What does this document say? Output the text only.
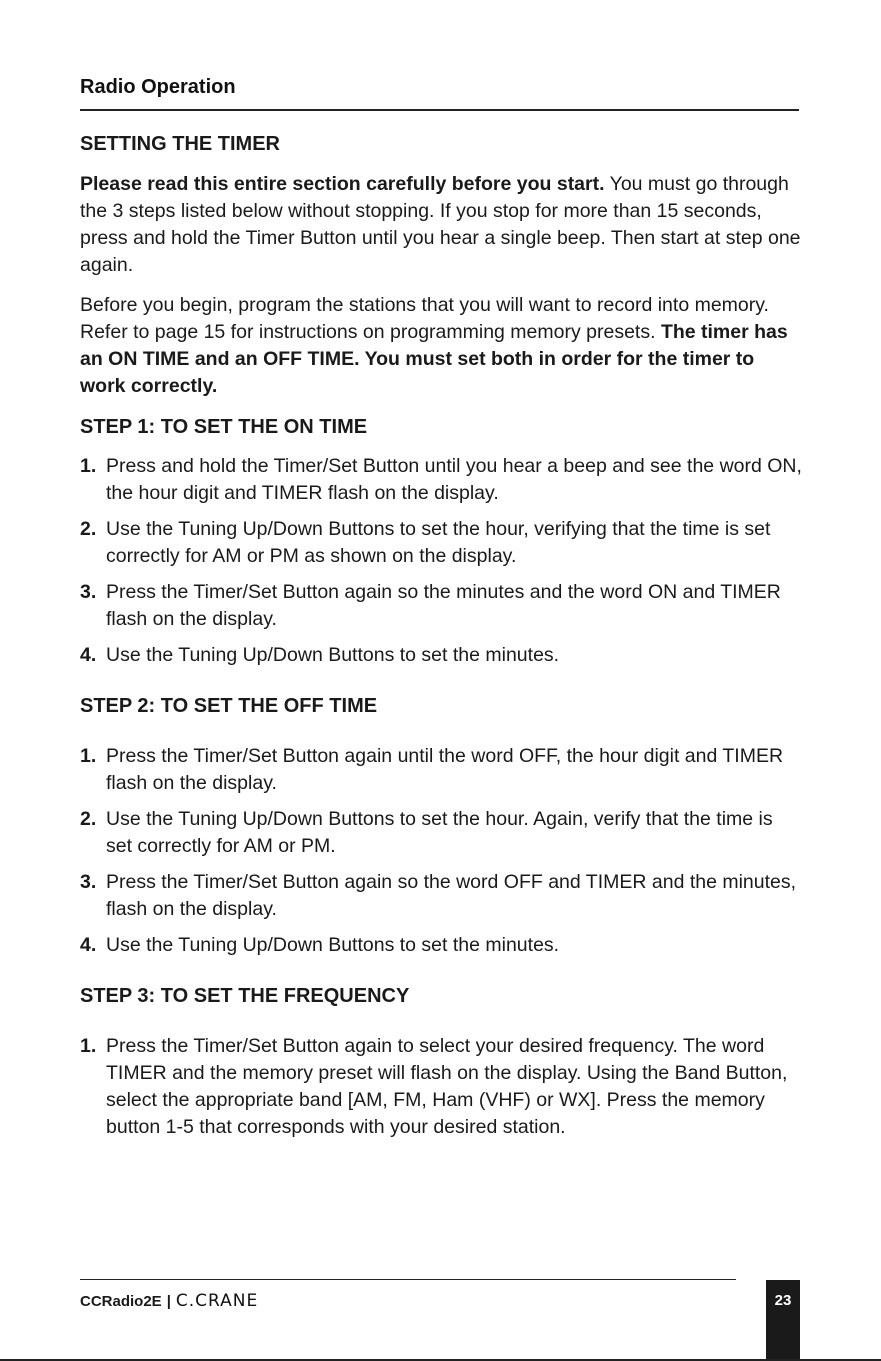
Radio Operation
SETTING THE TIMER

Please read this entire section carefully before you start. You must go through the 3 steps listed below without stopping. If you stop for more than 15 seconds, press and hold the Timer Button until you hear a single beep. Then start at step one again.

Before you begin, program the stations that you will want to record into memory. Refer to page 15 for instructions on programming memory presets. The timer has an ON TIME and an OFF TIME. You must set both in order for the timer to work correctly.

STEP 1: TO SET THE ON TIME
1. Press and hold the Timer/Set Button until you hear a beep and see the word ON, the hour digit and TIMER flash on the display.
2. Use the Tuning Up/Down Buttons to set the hour, verifying that the time is set correctly for AM or PM as shown on the display.
3. Press the Timer/Set Button again so the minutes and the word ON and TIMER flash on the display.
4. Use the Tuning Up/Down Buttons to set the minutes.
STEP 2: TO SET THE OFF TIME
1. Press the Timer/Set Button again until the word OFF, the hour digit and TIMER flash on the display.
2. Use the Tuning Up/Down Buttons to set the hour. Again, verify that the time is set correctly for AM or PM.
3. Press the Timer/Set Button again so the word OFF and TIMER and the minutes, flash on the display.
4. Use the Tuning Up/Down Buttons to set the minutes.
STEP 3: TO SET THE FREQUENCY
1. Press the Timer/Set Button again to select your desired frequency. The word TIMER and the memory preset will flash on the display. Using the Band Button, select the appropriate band [AM, FM, Ham (VHF) or WX]. Press the memory button 1-5 that corresponds with your desired station.
CCRadio2E | C.CRANE	23
